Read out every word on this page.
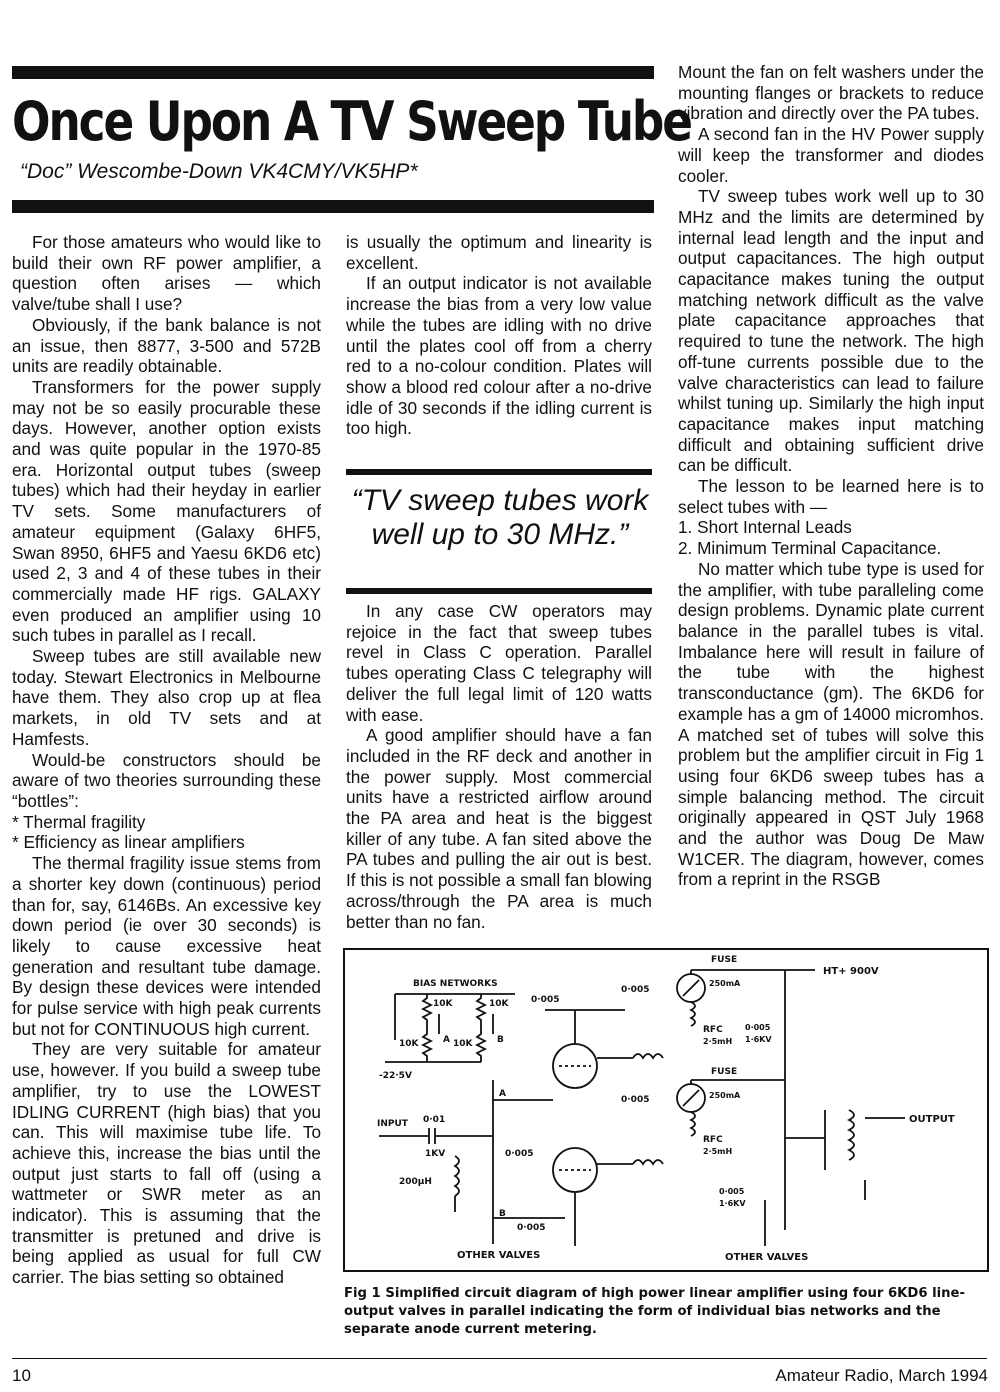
Once Upon A TV Sweep Tube
“Doc” Wescombe-Down VK4CMY/VK5HP*

For those amateurs who would like to build their own RF power amplifier, a question often arises — which valve/tube shall I use?

Obviously, if the bank balance is not an issue, then 8877, 3-500 and 572B units are readily obtainable.

Transformers for the power supply may not be so easily procurable these days. However, another option exists and was quite popular in the 1970-85 era. Horizontal output tubes (sweep tubes) which had their heyday in earlier TV sets. Some manufacturers of amateur equipment (Galaxy 6HF5, Swan 8950, 6HF5 and Yaesu 6KD6 etc) used 2, 3 and 4 of these tubes in their commercially made HF rigs. GALAXY even produced an amplifier using 10 such tubes in parallel as I recall.

Sweep tubes are still available new today. Stewart Electronics in Melbourne have them. They also crop up at flea markets, in old TV sets and at Hamfests.

Would-be constructors should be aware of two theories surrounding these “bottles”:

* Thermal fragility

* Efficiency as linear amplifiers

The thermal fragility issue stems from a shorter key down (continuous) period than for, say, 6146Bs. An excessive key down period (ie over 30 seconds) is likely to cause excessive heat generation and resultant tube damage. By design these devices were intended for pulse service with high peak currents but not for CONTINUOUS high current.

They are very suitable for amateur use, however. If you build a sweep tube amplifier, try to use the LOWEST IDLING CURRENT (high bias) that you can. This will maximise tube life. To achieve this, increase the bias until the output just starts to fall off (using a wattmeter or SWR meter as an indicator). This is assuming that the transmitter is pretuned and drive is being applied as usual for full CW carrier. The bias setting so obtained

is usually the optimum and linearity is excellent.

If an output indicator is not available increase the bias from a very low value while the tubes are idling with no drive until the plates cool off from a cherry red to a no-colour condition. Plates will show a blood red colour after a no-drive idle of 30 seconds if the idling current is too high.

“TV sweep tubes work well up to 30 MHz.”

In any case CW operators may rejoice in the fact that sweep tubes revel in Class C operation. Parallel tubes operating Class C telegraphy will deliver the full legal limit of 120 watts with ease.

A good amplifier should have a fan included in the RF deck and another in the power supply. Most commercial units have a restricted airflow around the PA area and heat is the biggest killer of any tube. A fan sited above the PA tubes and pulling the air out is best. If this is not possible a small fan blowing across/through the PA area is much better than no fan.

Mount the fan on felt washers under the mounting flanges or brackets to reduce vibration and directly over the PA tubes.

A second fan in the HV Power supply will keep the transformer and diodes cooler.

TV sweep tubes work well up to 30 MHz and the limits are determined by internal lead length and the input and output capacitances. The high output capacitance makes tuning the output matching network difficult as the valve plate capacitance approaches that required to tune the network. The high off-tune currents possible due to the valve characteristics can lead to failure whilst tuning up. Similarly the high input capacitance makes input matching difficult and obtaining sufficient drive can be difficult.

The lesson to be learned here is to select tubes with —

1. Short Internal Leads

2. Minimum Terminal Capacitance.

No matter which tube type is used for the amplifier, with tube paralleling come design problems. Dynamic plate current balance in the parallel tubes is vital. Imbalance here will result in failure of the tube with the highest transconductance (gm). The 6KD6 for example has a gm of 14000 micromhos. A matched set of tubes will solve this problem but the amplifier circuit in Fig 1 using four 6KD6 sweep tubes has a simple balancing method. The circuit originally appeared in QST July 1968 and the author was Doug De Maw W1CER. The diagram, however, comes from a reprint in the RSGB

BIAS NETWORKS
10K	10K
10K	10K
-22·5V
A	B
0·005
A
B
0·005
0·005
INPUT 0·01
1KV
200µH
0·005
0·005
FUSE
FUSE
250mA
250mA
HT+ 900V
RFC
2·5mH
RFC
2·5mH
0·005
1·6KV
0·005
1·6KV
OUTPUT
OTHER VALVES	OTHER VALVES
Fig 1 Simplified circuit diagram of high power linear amplifier using four 6KD6 line-output valves in parallel indicating the form of individual bias networks and the separate anode current metering.
10	Amateur Radio, March 1994
